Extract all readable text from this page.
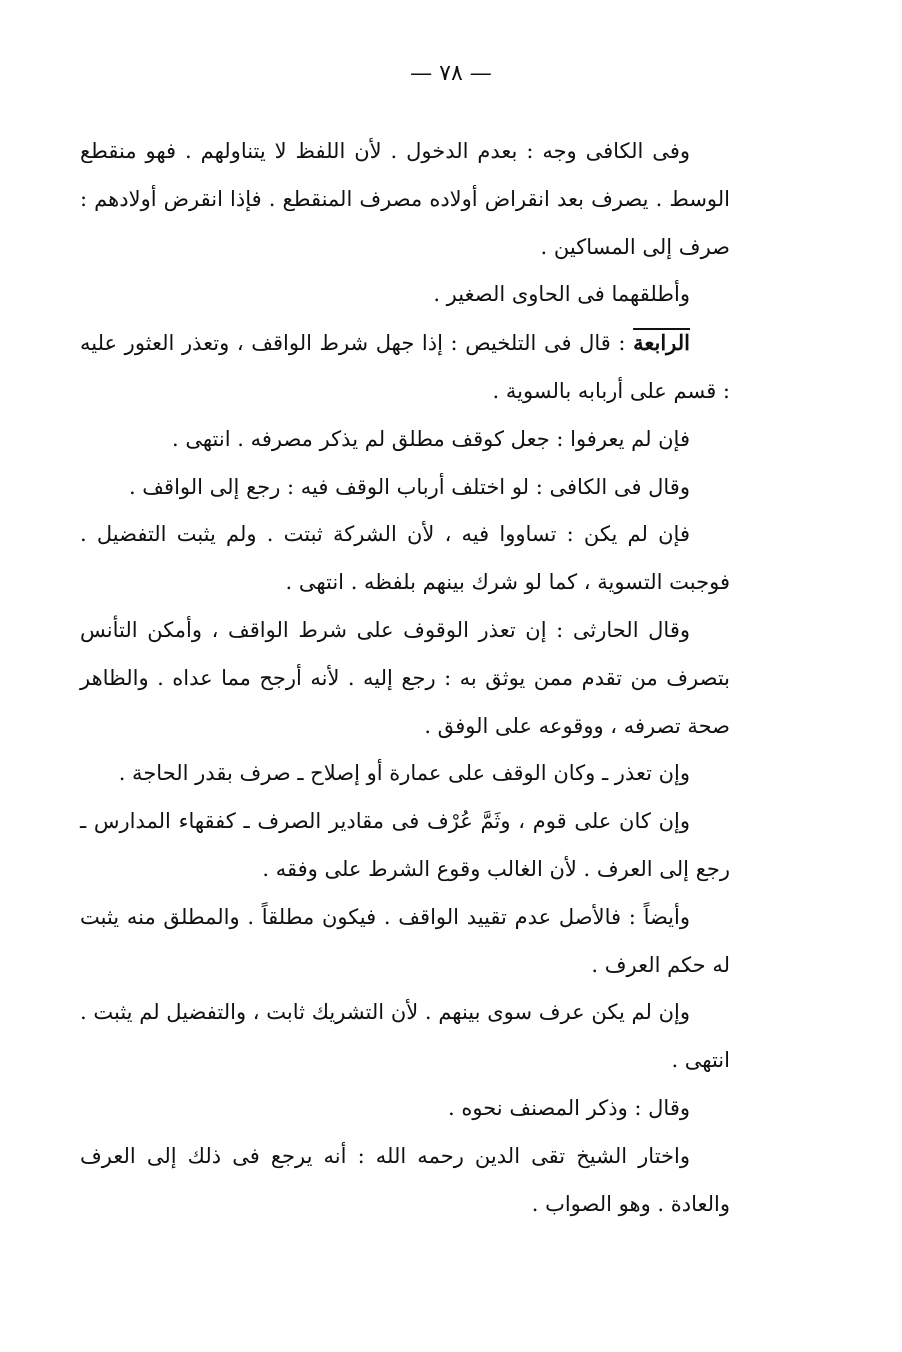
— ٧٨ —

وفى الكافى وجه : بعدم الدخول . لأن اللفظ لا يتناولهم . فهو منقطع الوسط . يصرف بعد انقراض أولاده مصرف المنقطع . فإذا انقرض أولادهم : صرف إلى المساكين .

وأطلقهما فى الحاوى الصغير .

الرابعة : قال فى التلخيص : إذا جهل شرط الواقف ، وتعذر العثور عليه : قسم على أربابه بالسوية .

فإن لم يعرفوا : جعل كوقف مطلق لم يذكر مصرفه . انتهى .

وقال فى الكافى : لو اختلف أرباب الوقف فيه : رجع إلى الواقف .

فإن لم يكن : تساووا فيه ، لأن الشركة ثبتت . ولم يثبت التفضيل . فوجبت التسوية ، كما لو شرك بينهم بلفظه . انتهى .

وقال الحارثى : إن تعذر الوقوف على شرط الواقف ، وأمكن التأنس بتصرف من تقدم ممن يوثق به : رجع إليه . لأنه أرجح مما عداه . والظاهر صحة تصرفه ، ووقوعه على الوفق .

وإن تعذر ـ وكان الوقف على عمارة أو إصلاح ـ صرف بقدر الحاجة .

وإن كان على قوم ، وثَمَّ عُرْف فى مقادير الصرف ـ كفقهاء المدارس ـ رجع إلى العرف . لأن الغالب وقوع الشرط على وفقه .

وأيضاً : فالأصل عدم تقييد الواقف . فيكون مطلقاً . والمطلق منه يثبت له حكم العرف .

وإن لم يكن عرف سوى بينهم . لأن التشريك ثابت ، والتفضيل لم يثبت . انتهى .

وقال : وذكر المصنف نحوه .

واختار الشيخ تقى الدين رحمه الله : أنه يرجع فى ذلك إلى العرف والعادة . وهو الصواب .
